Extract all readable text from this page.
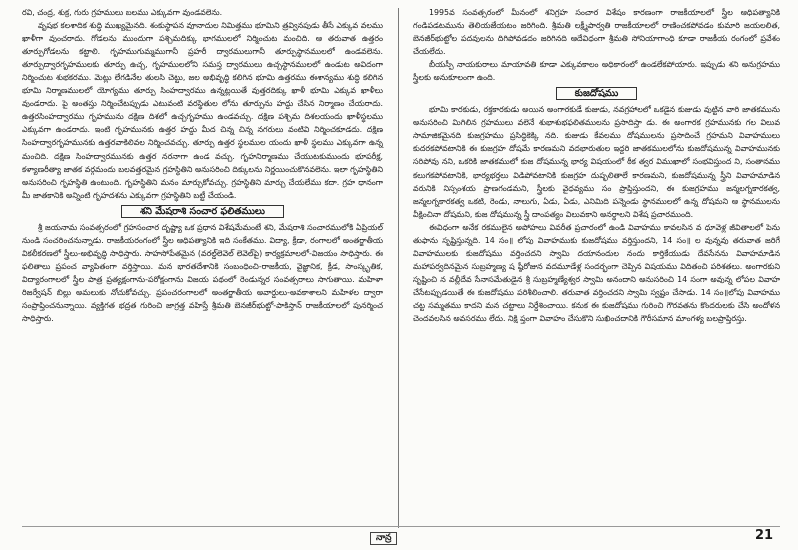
రవి, చంద్ర, శుక్ర, గురు గ్రహములు బలము ఎక్కువగా వుండవలెను.

వృషభ కలశాదిక శుద్ధి ముఖ్యమైనది. శంకుస్థాపన వూనాదుల నిమిత్తము భూమిని త్రవ్వినపుడు తీసే ఎక్కువ వలము ఖాళీగా వుంచరాదు. గోడలను ముందుగా పశ్చిమదిక్కు భాగములలో నిర్మించుట మంచిది. ఆ తరువాత ఉత్తరం తూర్పుగోడలను కట్టాలి. గృహముగుమ్మముగానీ ప్రహరీ ద్వారములుగానీ తూర్పుస్థానములలో ఉండవలెను. తూర్పుద్వారగృహములకు తూర్పు ఉచ్చ, గృహములలోని సమస్త ద్వారములు ఉచ్చస్థానములలో ఉండుట అవిదంగా నిర్మించుట శుభకరము. మెట్లు లేగడినేల తులసి చెట్టు, జల అభివృద్ధి కలిగిన భూమి ఉత్తరము ఈశాన్యము శుద్ధి కలిగిన భూమి నిర్మాణములలో యోగ్యము తూర్పు సింహద్వారము ఉన్నట్లయితే వుత్తరదిక్కు ఖాళీ భూమి ఎక్కువ ఖాళీలు వుండరాదు. పై అంతస్తు నిర్మించేటప్పుడు ఎటువంటి వరస్థితుల లోను తూర్పును హద్దు చేసిన నిర్మాణం చేయరాదు. ఉత్తరసింహద్వారము గృహమును దక్షిణ దిశలో ఉచ్చగృహము ఉండవచ్చు. దక్షిణ పశ్చిమ దిశలయందు ఖాళీస్థలము ఎక్కువగా ఉండరాదు. ఇంటి గృహమునకు ఉత్తర హద్దు మీద చిన్న చిన్న నగరులు వంటివి నిర్మించకూడదు. దక్షిణ సింహద్వారగృహమునకు ఉత్తరవాకిలివల నిర్మించవచ్చు. తూర్పు ఉత్తర స్థలముల యందు ఖాళీ స్థలము ఎక్కువగా ఉన్న మంచిది. దక్షిణ సింహద్వారమునకు ఉత్తర నరనాగా ఉండ వచ్చు. గృహనిర్మాణము చేయుటకుముందు భూపరీక్ష, కళ్యాణరీత్యా జాతక వర్గమందు బలవత్తరమైన గ్రహస్థితిని అనుసరించి దిక్కులను నిర్ణయించుకొనవలెను. ఇలా గృహస్థితిని అనుసరించి గృహస్థితి ఉంటుంది. గృహస్థితిని మనం మార్చుకోవచ్చు. గ్రహస్థితిని మార్చు చేయలేము కదా. గ్రహ ధానంగా మీ జాతకానికి అన్నింటి గృహదశను ఎక్కువగా గ్రహస్థితిని బట్టీ చేయండి.

శని మేషరాశి సంచార ఫలితములు

శ్రీ జయనామ సంవత్సరంలో గ్రహసంచార దృష్ట్యా ఒక ప్రధాన విశేషమేమంటే శని, మేషరాశి సంచారములోకి ఏప్రియల్ నుండి సంచరించనున్నాడు. రాజకీయరంగంలో స్త్రీల ఆధిపత్యానికి ఇది సంకేతము. విద్యా, క్రీడా, రంగాలలో అంతర్జాతీయ వికలీకరణలో స్త్రీలు-అభివృద్ధి సాధిస్తారు. సాహసోపేతమైన (వరల్డ్‌లెవెల్ లెవెల్‌పై) కార్యక్రమాలలో-విజయం సాధిస్తారు. ఈ ఫలితాలు ప్రపంచ వ్యాపితంగా వర్తిస్తాయి. మన భారతదేశానికి సంబంధించి-రాజకీయ, వైజ్ఞానిక, క్రీడ, సాంస్కృతిక, విద్యారంగాలలో స్త్రీల పాత్ర ప్రత్యక్షంగాను-పరోక్షంగాను విజయ పథంలో రెండున్నర సంవత్సరాలు సాగుతాయి. మహిళా రిజర్వేషన్ బిల్లు అమలుకు నోచుకోవచ్చు. ప్రపంచరంగాలలో అంతర్జాతీయ అవార్డులు-అవకాశాలని మహిళల ద్వారా సంప్రాప్తించనున్నాయి. వ్యక్తిగత భద్రత గురించి జాగ్రత్త వహిస్తే శ్రీమతి బెనజీర్‌భుట్టో-పాకిస్తాన్ రాజకీయాలలో పునర్మించ సాధిస్తారు.

1995వ సంవత్సరంలో మీనంలో శనిగ్రహ సంచార విశేషం కారణంగా రాజకీయాలలో స్త్రీల ఆధిపత్యానికి గండిపడటమును తెలియజేయటం జరిగింది. శ్రీమతి లక్ష్మీపార్వతి రాజకీయాలలో రాణించకపోవడం కుమారి జయలలిత, బెనజీర్‌భుట్టోల పదవులను దిగిపోవడదం జరిగినది ఆదేవిధంగా శ్రీమతి సోనియాగాంధి కూడా రాజకీయ రంగంలో ప్రవేశం చేయలేదు.

బీయస్పీ నాయకురాలు మాయావతి కూడా ఎక్కువకాలం అధికారంలో ఉండలేకపోయారు. ఇప్పుడు శని అనుగ్రహము స్త్రీలకు అనుకూలంగా ఉంది.

కుజదోషము

భూమి కారకుడు, రక్తకారకుడు అయిన అంగారకుడే కుజుడు, నవగ్రహాలలో ఒకడైన కుజుడు వుట్టిన వారి జాతకమును అనుసరించి మిగిలిన గ్రహములు వలెనే శుభాశుభఫలితములను ప్రసాదిస్తా డు. ఈ అంగారక గ్రహమునకు గల విలువ సామాజికమైనది కుజగ్రహము ప్రసిద్ధికెక్కి నది. కుజుడు కేవలము దోషములను ప్రసాదించే గ్రహమని వివాహములు కుదరకపోవటానికి ఈ కుజగ్రహ దోషమే కారణమని వదభారుతుల ఇద్దరి జాతకములలోను కుజదోషమున్న వివాహమునకు సరిపోవు నని, ఒకరికి జాతకములో కుజ దోషమున్న భార్య విషయంలో ఠీక త్వర విముఖాలో సంభవిస్తుంద ని, సంతానము కలుగకపోవటానికి, భార్యభర్తలు విడిపోవటానికి కుజగ్రహ దుష్ఫలితాలే కారణమని, కుజదోషమున్న స్త్రీని వివాహమాడిన వరునికి నిస్సంశయ ప్రాణగండమని, స్త్రీలకు వైధవ్యము సం ప్రాప్తిస్తుందని, ఈ కుజగ్రహము జన్మలగ్నకారకత్వ, జన్మలగ్నకారకత్వ ఒకటి, రెండు, నాలుగు, ఏడు, ఏడు, ఎనిమిది పన్నెండు స్థానములలో ఉన్న దోషమని ఆ స్థానములను వీక్షించినా దోషమని, కుజ దోషమున్న స్త్రీ దాంపత్యం విలువకాని అనర్థాలని విశేష ప్రచారముంది.

ఈవిధంగా అనేక రకములైన అపోహలు వివరీత ప్రచారంలో ఉండి వివాహము కావలసిన వ ధూవెళ్ల జీవితాలలో పెను తుఫాను సృష్టిస్తున్నది. 14 సం॥ లోపు వివాహముకు కుజదోషము వర్తిస్తుందని, 14 సం॥ ల వున్నవు తరువాత జరిగే వివాహములకు కుజదోషము వర్తించదని స్వామి దయానందుల నందు కార్తికేయుడు దేవసేనను వివాహమాడిన మహాపర్వదినమైన సుబ్రహ్మణ్య ష ష్ఠీరోజున వదమూడేళ్ల సందర్భంగా చెప్పిన విషయము విదితంచి పరిశతలు. అంగారకుని సృష్టించి న వల్లీదేవ సేనాసమేతుడైన శ్రీ సుబ్రహ్మణ్యేశ్వర స్వామి అనందాని అనుసరించి 14 సంగా అవున్న లోపల వివాహ చేసేటప్పుడయితే ఈ కుజదోషము పరిశీలించాలి. తరువాత వర్తించదని స్వామి స్వష్టం చేసాడు. 14 సం॥లోపు వివాహము చట్ట సమ్మతము కాదని మన చట్టాలు నిర్దేశించాయి. కనుక ఈ కుజదోషము గురించి గౌరవతను కొందరులకు చేసి అందోళన చెందవలసిన అవసరము లేదు. నిక్షి ప్తంగా వివాహం చేసుకొని సుఖించదానికి గౌరీసమాన మాంగళ్య బలప్రాప్తిరస్తు.

నాన్ర	21
